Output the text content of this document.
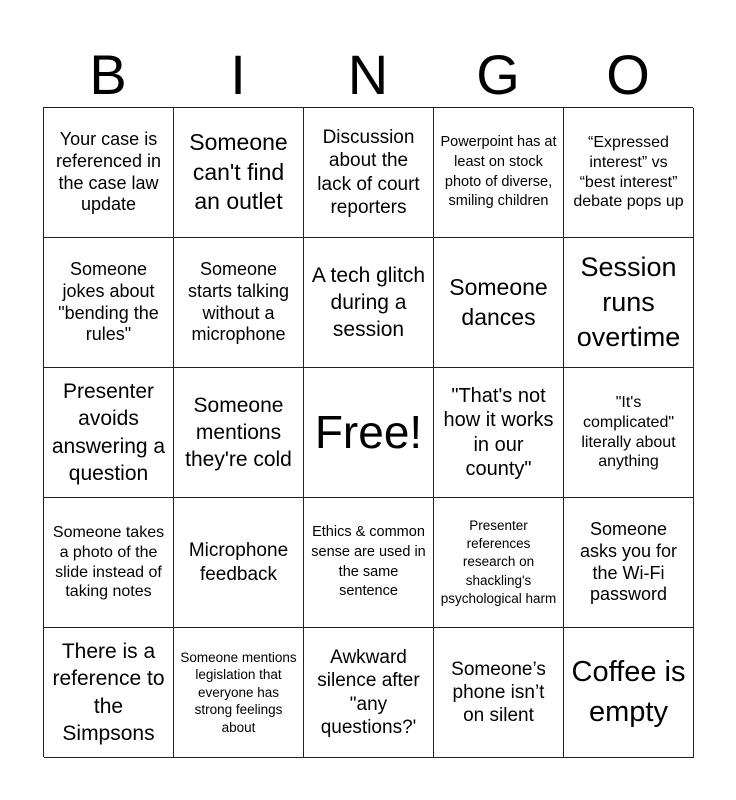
B	I	N	G	O
Your case is referenced in the case law update
Someone can't find an outlet
Discussion about the lack of court reporters
Powerpoint has at least on stock photo of diverse, smiling children
“Expressed interest” vs “best interest” debate pops up
Someone jokes about "bending the rules"
Someone starts talking without a microphone
A tech glitch during a session
Someone dances
Session runs overtime
Presenter avoids answering a question
Someone mentions they're cold
Free!
"That's not how it works in our county"
"It's complicated" literally about anything
Someone takes a photo of the slide instead of taking notes
Microphone feedback
Ethics & common sense are used in the same sentence
Presenter references research on shackling's psychological harm
Someone asks you for the Wi-Fi password
There is a reference to the Simpsons
Someone mentions legislation that everyone has strong feelings about
Awkward silence after "any questions?'
Someone’s phone isn’t on silent
Coffee is empty
